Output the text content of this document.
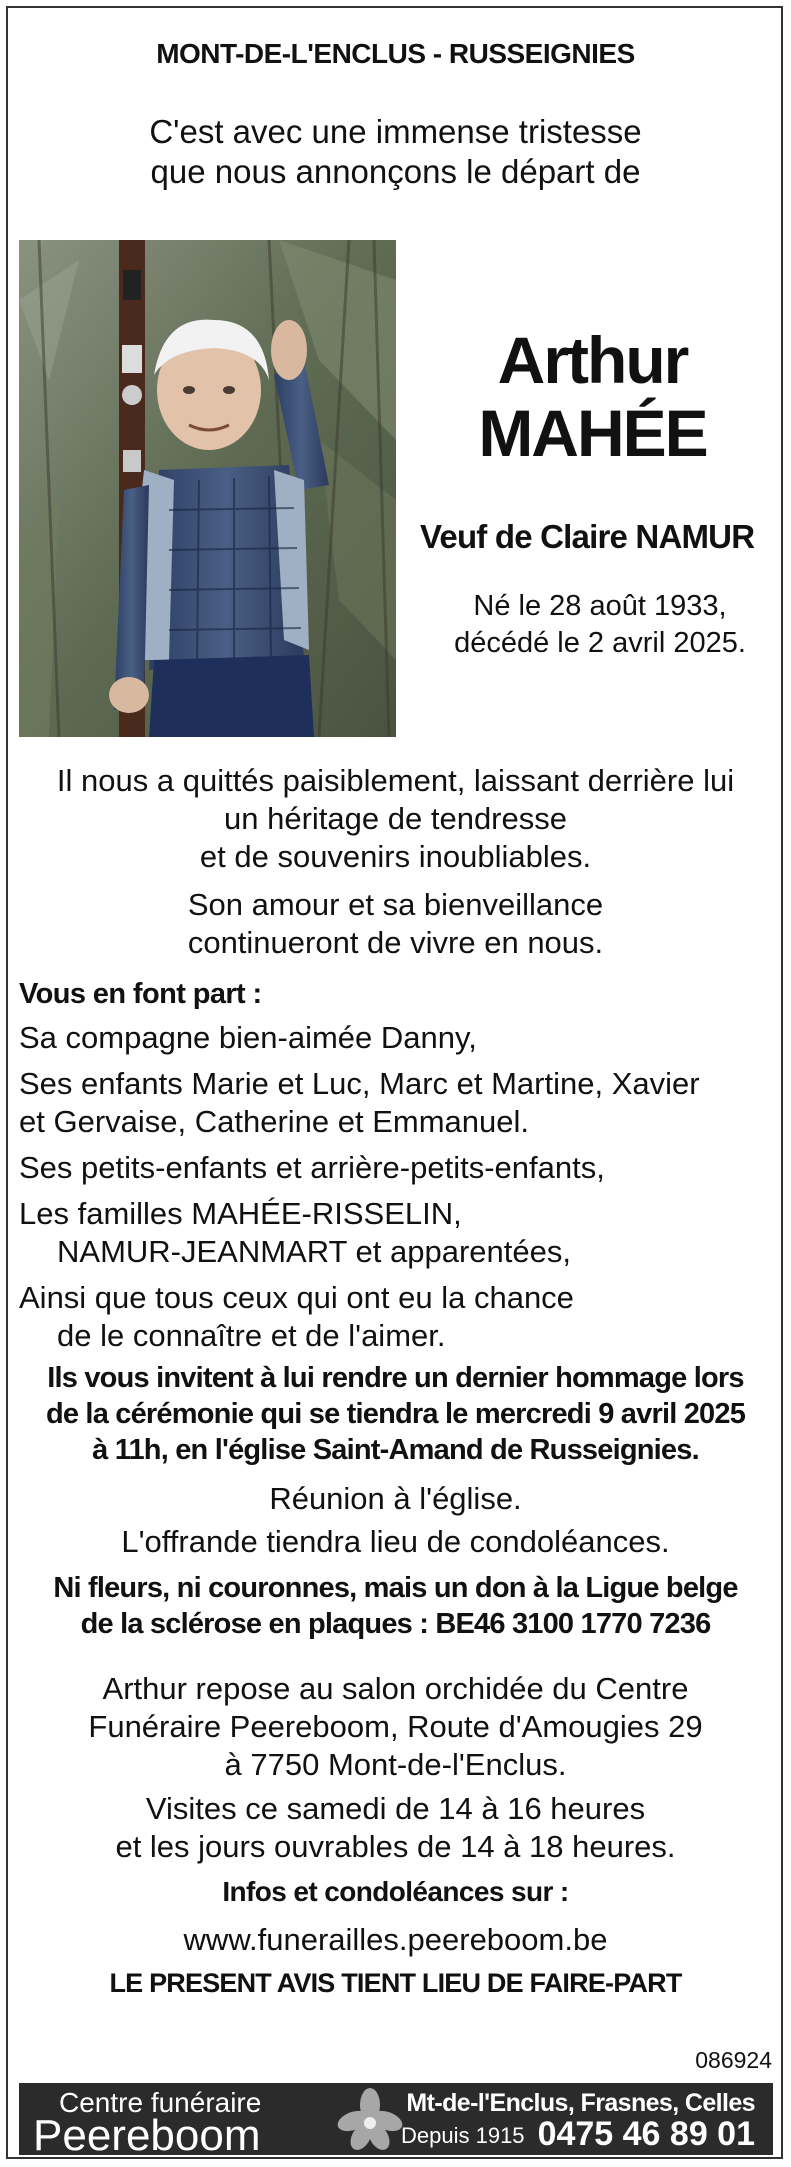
MONT-DE-L'ENCLUS - RUSSEIGNIES
C'est avec une immense tristesse
que nous annonçons le départ de
Arthur
MAHÉE
Veuf de Claire NAMUR
Né le 28 août 1933,
décédé le 2 avril 2025.
Il nous a quittés paisiblement, laissant derrière lui
un héritage de tendresse
et de souvenirs inoubliables.
Son amour et sa bienveillance
continueront de vivre en nous.
Vous en font part :
Sa compagne bien-aimée Danny,
Ses enfants Marie et Luc, Marc et Martine, Xavier
et Gervaise, Catherine et Emmanuel.
Ses petits-enfants et arrière-petits-enfants,
Les familles MAHÉE-RISSELIN,
NAMUR-JEANMART et apparentées,
Ainsi que tous ceux qui ont eu la chance
de le connaître et de l'aimer.
Ils vous invitent à lui rendre un dernier hommage lors
de la cérémonie qui se tiendra le mercredi 9 avril 2025
à 11h, en l'église Saint-Amand de Russeignies.
Réunion à l'église.
L'offrande tiendra lieu de condoléances.
Ni fleurs, ni couronnes, mais un don à la Ligue belge
de la sclérose en plaques : BE46 3100 1770 7236
Arthur repose au salon orchidée du Centre
Funéraire Peereboom, Route d'Amougies 29
à 7750 Mont-de-l'Enclus.
Visites ce samedi de 14 à 16 heures
et les jours ouvrables de 14 à 18 heures.
Infos et condoléances sur :
www.funerailles.peereboom.be
LE PRESENT AVIS TIENT LIEU DE FAIRE-PART
086924
Centre funéraire
Peereboom	Depuis 1915
Mt-de-l'Enclus, Frasnes, Celles
0475 46 89 01
